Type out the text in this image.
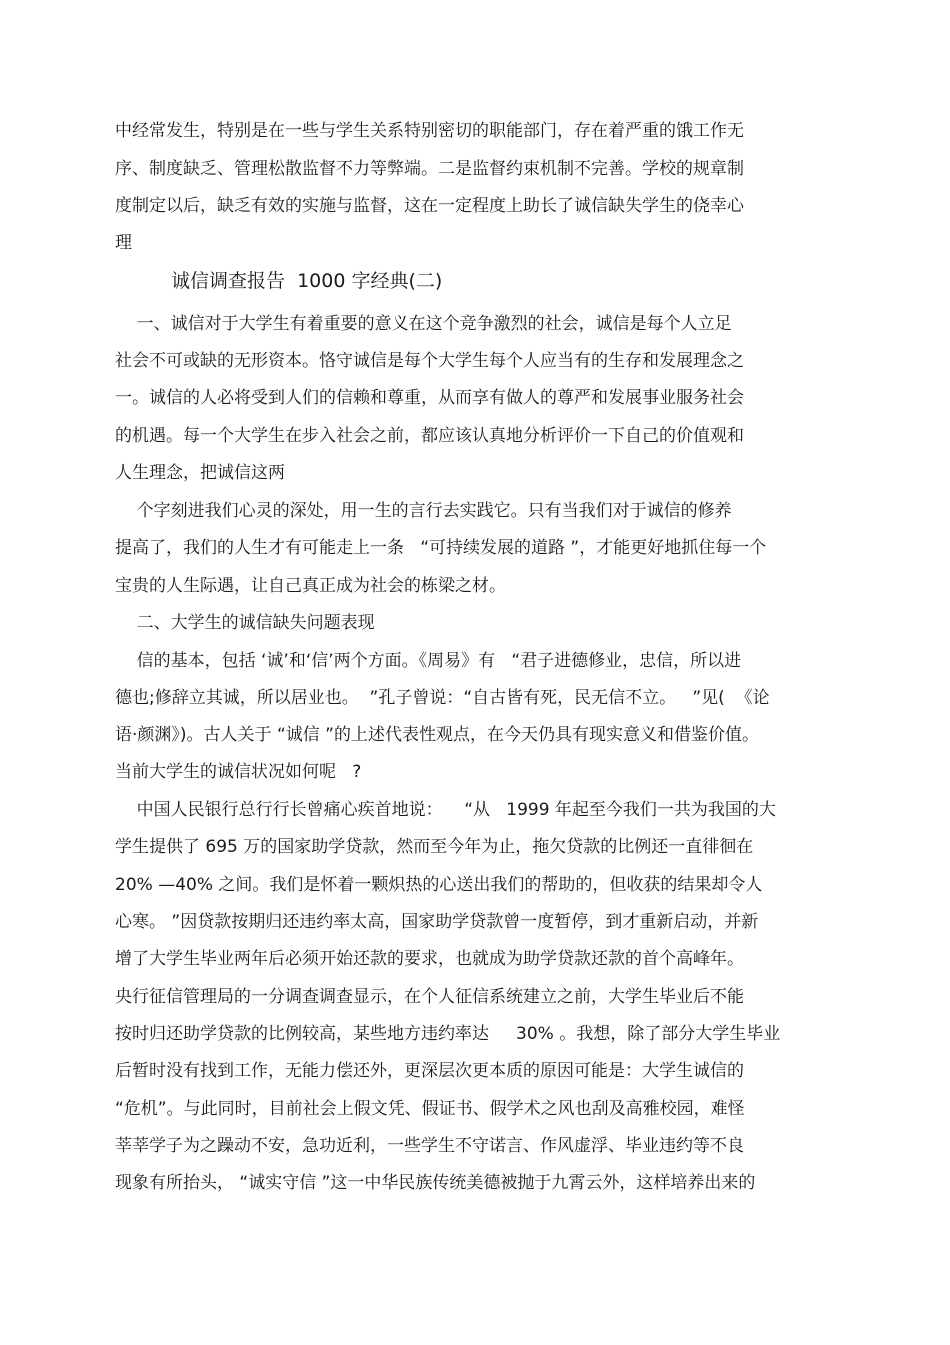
中经常发生，特别是在一些与学生关系特别密切的职能部门，存在着严重的饿工作无
序、制度缺乏、管理松散监督不力等弊端。二是监督约束机制不完善。学校的规章制
度制定以后，缺乏有效的实施与监督，这在一定程度上助长了诚信缺失学生的侥幸心
理
诚信调查报告  1000 字经典(二)
一、诚信对于大学生有着重要的意义在这个竞争激烈的社会，诚信是每个人立足
社会不可或缺的无形资本。恪守诚信是每个大学生每个人应当有的生存和发展理念之
一。诚信的人必将受到人们的信赖和尊重，从而享有做人的尊严和发展事业服务社会
的机遇。每一个大学生在步入社会之前，都应该认真地分析评价一下自己的价值观和
人生理念，把诚信这两
个字刻进我们心灵的深处，用一生的言行去实践它。只有当我们对于诚信的修养
提高了，我们的人生才有可能走上一条   “可持续发展的道路 ”，才能更好地抓住每一个
宝贵的人生际遇，让自己真正成为社会的栋梁之材。
二、大学生的诚信缺失问题表现
信的基本，包括 ‘诚’和‘信’两个方面。《周易》有   “君子进德修业，忠信，所以进
德也;修辞立其诚，所以居业也。  ”孔子曾说：“自古皆有死，民无信不立。   ”见(  《论
语·颜渊》)。古人关于 “诚信 ”的上述代表性观点，在今天仍具有现实意义和借鉴价值。
当前大学生的诚信状况如何呢   ?
中国人民银行总行行长曾痛心疾首地说：    “从   1999 年起至今我们一共为我国的大
学生提供了 695 万的国家助学贷款，然而至今年为止，拖欠贷款的比例还一直徘徊在
20% —40% 之间。我们是怀着一颗炽热的心送出我们的帮助的，但收获的结果却令人
心寒。 ”因贷款按期归还违约率太高，国家助学贷款曾一度暂停，到才重新启动，并新
增了大学生毕业两年后必须开始还款的要求，也就成为助学贷款还款的首个高峰年。
央行征信管理局的一分调查调查显示，在个人征信系统建立之前，大学生毕业后不能
按时归还助学贷款的比例较高，某些地方违约率达     30% 。我想，除了部分大学生毕业
后暂时没有找到工作，无能力偿还外，更深层次更本质的原因可能是：大学生诚信的
“危机”。与此同时，目前社会上假文凭、假证书、假学术之风也刮及高雅校园，难怪
莘莘学子为之躁动不安，急功近利，一些学生不守诺言、作风虚浮、毕业违约等不良
现象有所抬头， “诚实守信 ”这一中华民族传统美德被抛于九霄云外，这样培养出来的
